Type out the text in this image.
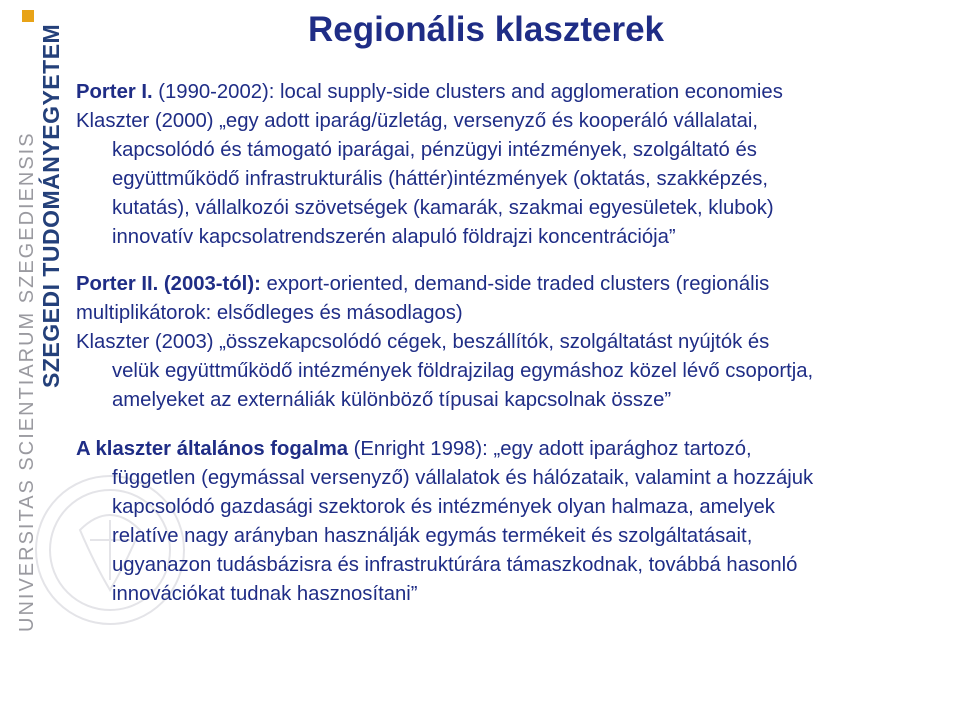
SZEGEDI TUDOMÁNYEGYETEM
UNIVERSITAS SCIENTIARUM SZEGEDIENSIS
Regionális klaszterek

Porter I. (1990-2002): local supply-side clusters and agglomeration economies

Klaszter (2000) „egy adott iparág/üzletág, versenyző és kooperáló vállalatai,

kapcsolódó és támogató iparágai, pénzügyi intézmények, szolgáltató és

együttműködő infrastrukturális (háttér)intézmények (oktatás, szakképzés,

kutatás), vállalkozói szövetségek (kamarák, szakmai egyesületek, klubok)

innovatív kapcsolatrendszerén alapuló földrajzi koncentrációja”

Porter II. (2003-tól): export-oriented, demand-side traded clusters (regionális

multiplikátorok: elsődleges és másodlagos)

Klaszter (2003) „összekapcsolódó cégek, beszállítók, szolgáltatást nyújtók és

velük együttműködő intézmények földrajzilag egymáshoz közel lévő csoportja,

amelyeket az externáliák különböző típusai kapcsolnak össze”

A klaszter általános fogalma (Enright 1998): „egy adott iparághoz tartozó,

független (egymással versenyző) vállalatok és hálózataik, valamint a hozzájuk

kapcsolódó gazdasági szektorok és intézmények olyan halmaza, amelyek

relatíve nagy arányban használják egymás termékeit és szolgáltatásait,

ugyanazon tudásbázisra és infrastruktúrára támaszkodnak, továbbá hasonló

innovációkat tudnak hasznosítani”
